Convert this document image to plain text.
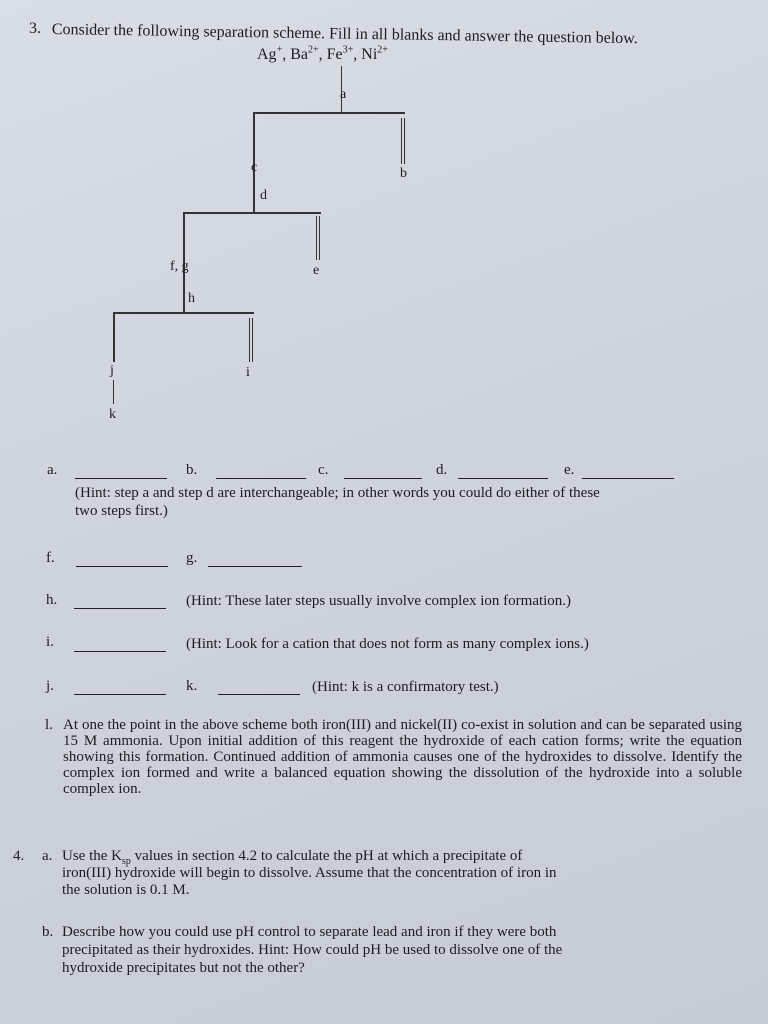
3. Consider the following separation scheme. Fill in all blanks and answer the question below.
Ag+, $Ba^{2+}$, $Fe^{3+}$, $Ni^{2+}$
a
b
c
d
e
f, g
h
i
j
k
a.	b.	c.	d.	e.
(Hint: step a and step d are interchangeable; in other words you could do either of these
two steps first.)
f.	g.
h.	(Hint: These later steps usually involve complex ion formation.)
i.	(Hint: Look for a cation that does not form as many complex ions.)
j.	k.	(Hint: k is a confirmatory test.)
l. At one the point in the above scheme both iron(III) and nickel(II) co-exist in solution and can be separated using 15 M ammonia. Upon initial addition of this reagent the hydroxide of each cation forms; write the equation showing this formation. Continued addition of ammonia causes one of the hydroxides to dissolve. Identify the complex ion formed and write a balanced equation showing the dissolution of the hydroxide into a soluble complex ion.
4. a. Use the $K_{sp}$ values in section 4.2 to calculate the pH at which a precipitate of
iron(III) hydroxide will begin to dissolve. Assume that the concentration of iron in
the solution is 0.1 M.
b. Describe how you could use pH control to separate lead and iron if they were both
precipitated as their hydroxides. Hint: How could pH be used to dissolve one of the
hydroxide precipitates but not the other?
